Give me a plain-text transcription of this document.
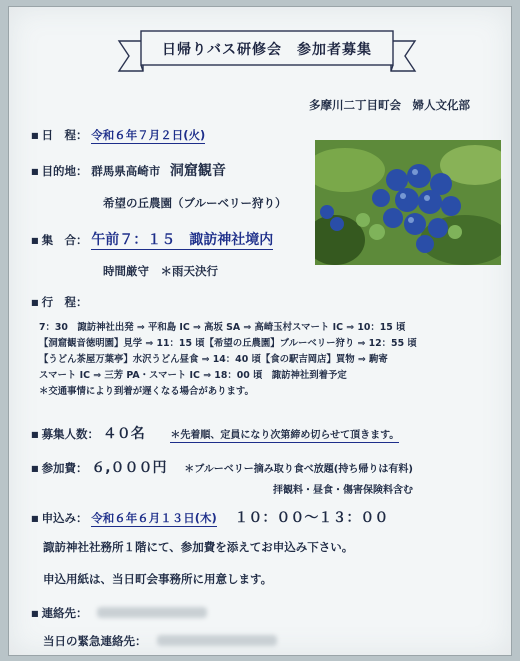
日帰りバス研修会　参加者募集
多摩川二丁目町会　婦人文化部
■ 日　程： 令和６年７月２日(火)
■ 目的地： 群馬県高崎市 洞窟観音
希望の丘農園（ブルーベリー狩り）
■ 集　合： 午前７：１５　諏訪神社境内
時間厳守　＊雨天決行
■ 行　程：
7：30　諏訪神社出発 ⇒ 平和島 IC ⇒ 高坂 SA ⇒ 高崎玉村スマート IC ⇒ 10：15 頃
【洞窟観音徳明園】見学 ⇒ 11：15 頃【希望の丘農園】ブルーベリー狩り ⇒ 12：55 頃
【うどん茶屋万葉亭】水沢うどん昼食 ⇒ 14：40 頃【食の駅吉岡店】買物 ⇒ 駒寄
スマート IC ⇒ 三芳 PA・スマート IC ⇒ 18：00 頃　諏訪神社到着予定
＊交通事情により到着が遅くなる場合があります。
■ 募集人数： ４０名	＊先着順、定員になり次第締め切らせて頂きます。
■ 参加費： ６,０００円 ＊ブルーベリー摘み取り食べ放題(持ち帰りは有料)
拝観料・昼食・傷害保険料含む
■ 申込み： 令和６年６月１３日(木) １０：００～１３：００
諏訪神社社務所１階にて、参加費を添えてお申込み下さい。
申込用紙は、当日町会事務所に用意します。
■ 連絡先：
当日の緊急連絡先：
